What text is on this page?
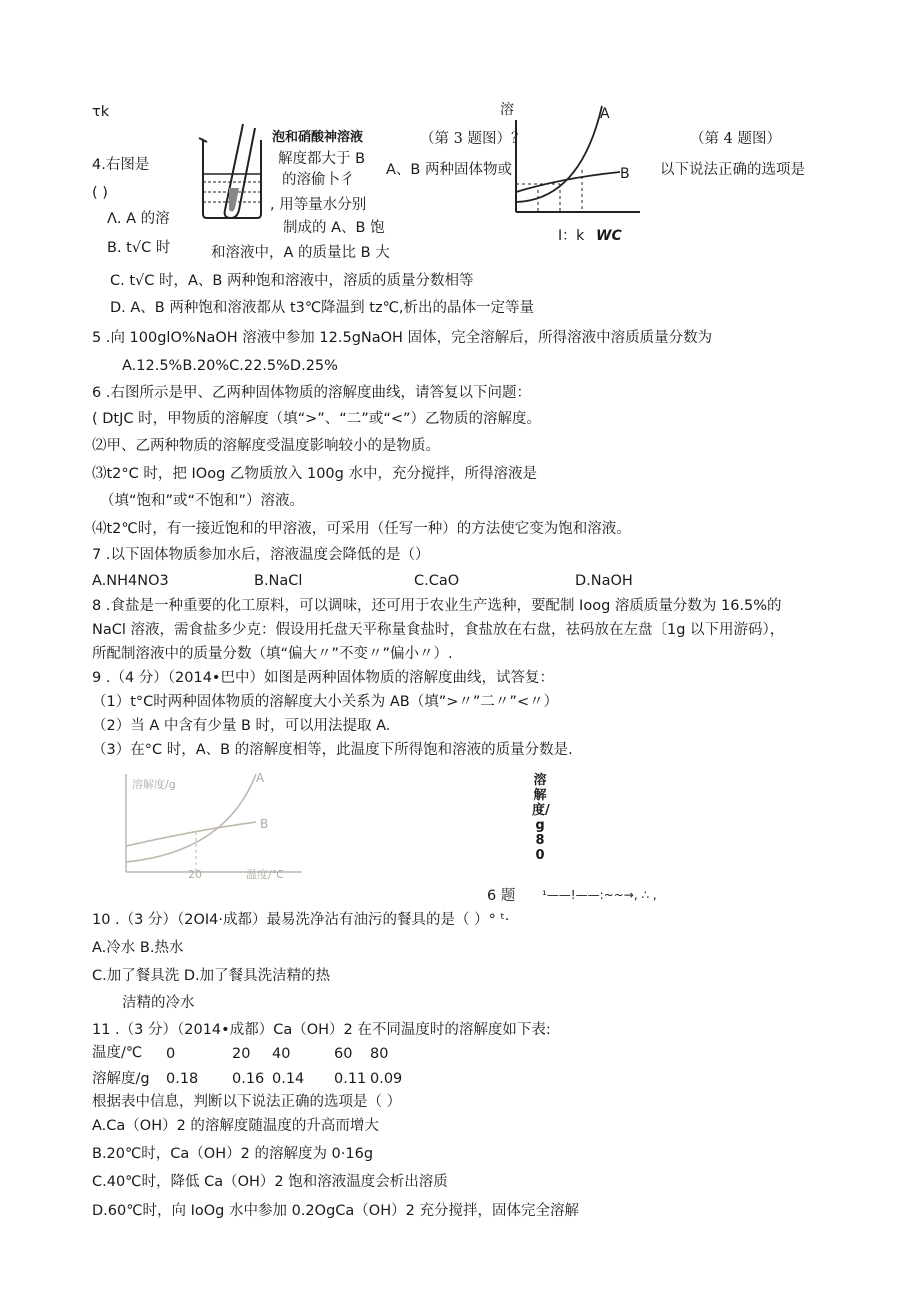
τk
泡和硝酸神溶液	（第 3 题图）？	（第 4 题图）
4.右图是	解度都大于 B
的溶偷卜彳
A、B 两种固体物或	以下说法正确的选项是
( )
Λ. A 的溶
, 用等量水分别
B. t√C 时
制成的 A、B 饱
和溶液中，A 的质量比 B 大
溶	A
B
I：k WC
C. t√C 时，A、B 两种饱和溶液中，溶质的质量分数相等
D. A、B 两种饱和溶液都从 t3℃降温到 tz℃,析出的晶体一定等量
5 .向 100glO%NaOH 溶液中参加 12.5gNaOH 固体，完全溶解后，所得溶液中溶质质量分数为
A.12.5%B.20%C.22.5%D.25%
6 .右图所示是甲、乙两种固体物质的溶解度曲线，请答复以下问题：
( DtJC 时，甲物质的溶解度（填“>”、“二”或“<”）乙物质的溶解度。
⑵甲、乙两种物质的溶解度受温度影响较小的是物质。
⑶t2°C 时，把 IOog 乙物质放入 100g 水中，充分搅拌，所得溶液是
（填“饱和”或“不饱和”）溶液。
⑷t2℃时，有一接近饱和的甲溶液，可采用（任写一种）的方法使它变为饱和溶液。
7 .以下固体物质参加水后，溶液温度会降低的是（）
A.NH4NO3	B.NaCl	C.CaO	D.NaOH
8 .食盐是一种重要的化工原料，可以调味，还可用于农业生产选种，要配制 Ioog 溶质质量分数为 16.5%的
NaCl 溶液，需食盐多少克：假设用托盘天平称量食盐时，食盐放在右盘，祛码放在左盘〔1g 以下用游码），
所配制溶液中的质量分数（填“偏大〃”不变〃”偏小〃）.
9 .（4 分）（2014•巴中）如图是两种固体物质的溶解度曲线，试答复：
（1）t°C时两种固体物质的溶解度大小关系为 AB（填”>〃”二〃”<〃）
（2）当 A 中含有少量 B 时，可以用法提取 A.
（3）在°C 时，A、B 的溶解度相等，此温度下所得饱和溶液的质量分数是.
溶解度/g	A
B
20	温度/℃
溶解度/g80
6 题 ¹——!——:~~→, ∴ ,
10 .（3 分）（2OI4·成都）最易洗净沾有油污的餐具的是（ ）° ᵗ·
A.冷水 B.热水
C.加了餐具洗 D.加了餐具洗洁精的热
洁精的冷水
11 .（3 分）（2014•成都）Ca（OH）2 在不同温度时的溶解度如下表:
温度/℃ 0	20 40	60 80
溶解度/g 0.18 0.16 0.14 0.11 0.09
根据表中信息，判断以下说法正确的选项是（ ）
A.Ca（OH）2 的溶解度随温度的升高而增大
B.20℃时，Ca（OH）2 的溶解度为 0·16g
C.40℃时，降低 Ca（OH）2 饱和溶液温度会析出溶质
D.60℃时，向 IoOg 水中参加 0.2OgCa（OH）2 充分搅拌，固体完全溶解
